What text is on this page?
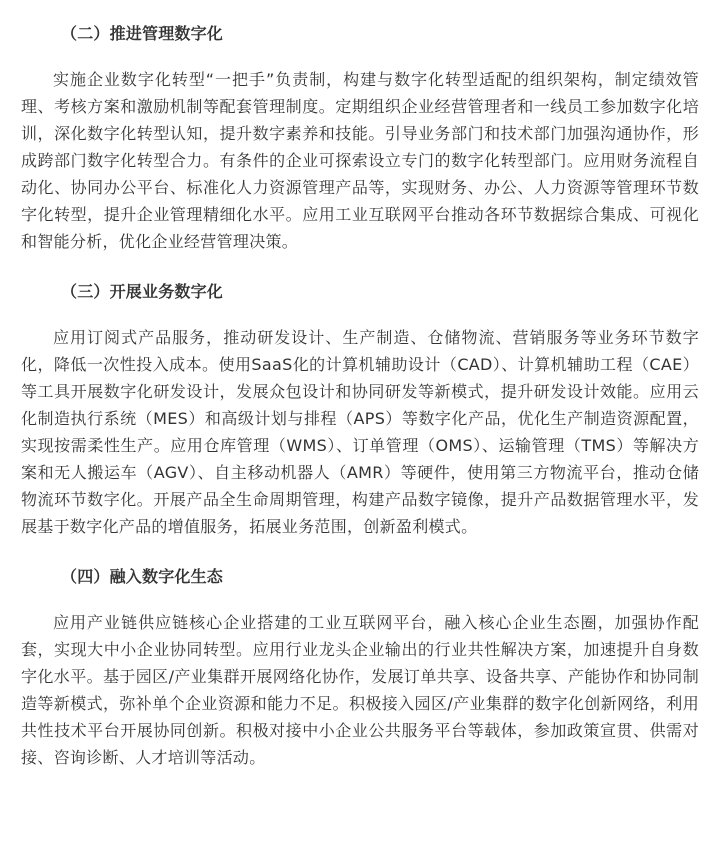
（二）推进管理数字化

实施企业数字化转型“一把手”负责制，构建与数字化转型适配的组织架构，制定绩效管理、考核方案和激励机制等配套管理制度。定期组织企业经营管理者和一线员工参加数字化培训，深化数字化转型认知，提升数字素养和技能。引导业务部门和技术部门加强沟通协作，形成跨部门数字化转型合力。有条件的企业可探索设立专门的数字化转型部门。应用财务流程自动化、协同办公平台、标准化人力资源管理产品等，实现财务、办公、人力资源等管理环节数字化转型，提升企业管理精细化水平。应用工业互联网平台推动各环节数据综合集成、可视化和智能分析，优化企业经营管理决策。

（三）开展业务数字化

应用订阅式产品服务，推动研发设计、生产制造、仓储物流、营销服务等业务环节数字化，降低一次性投入成本。使用SaaS化的计算机辅助设计（CAD）、计算机辅助工程（CAE）等工具开展数字化研发设计，发展众包设计和协同研发等新模式，提升研发设计效能。应用云化制造执行系统（MES）和高级计划与排程（APS）等数字化产品，优化生产制造资源配置，实现按需柔性生产。应用仓库管理（WMS）、订单管理（OMS）、运输管理（TMS）等解决方案和无人搬运车（AGV）、自主移动机器人（AMR）等硬件，使用第三方物流平台，推动仓储物流环节数字化。开展产品全生命周期管理，构建产品数字镜像，提升产品数据管理水平，发展基于数字化产品的增值服务，拓展业务范围，创新盈利模式。

（四）融入数字化生态

应用产业链供应链核心企业搭建的工业互联网平台，融入核心企业生态圈，加强协作配套，实现大中小企业协同转型。应用行业龙头企业输出的行业共性解决方案，加速提升自身数字化水平。基于园区/产业集群开展网络化协作，发展订单共享、设备共享、产能协作和协同制造等新模式，弥补单个企业资源和能力不足。积极接入园区/产业集群的数字化创新网络，利用共性技术平台开展协同创新。积极对接中小企业公共服务平台等载体，参加政策宣贯、供需对接、咨询诊断、人才培训等活动。
